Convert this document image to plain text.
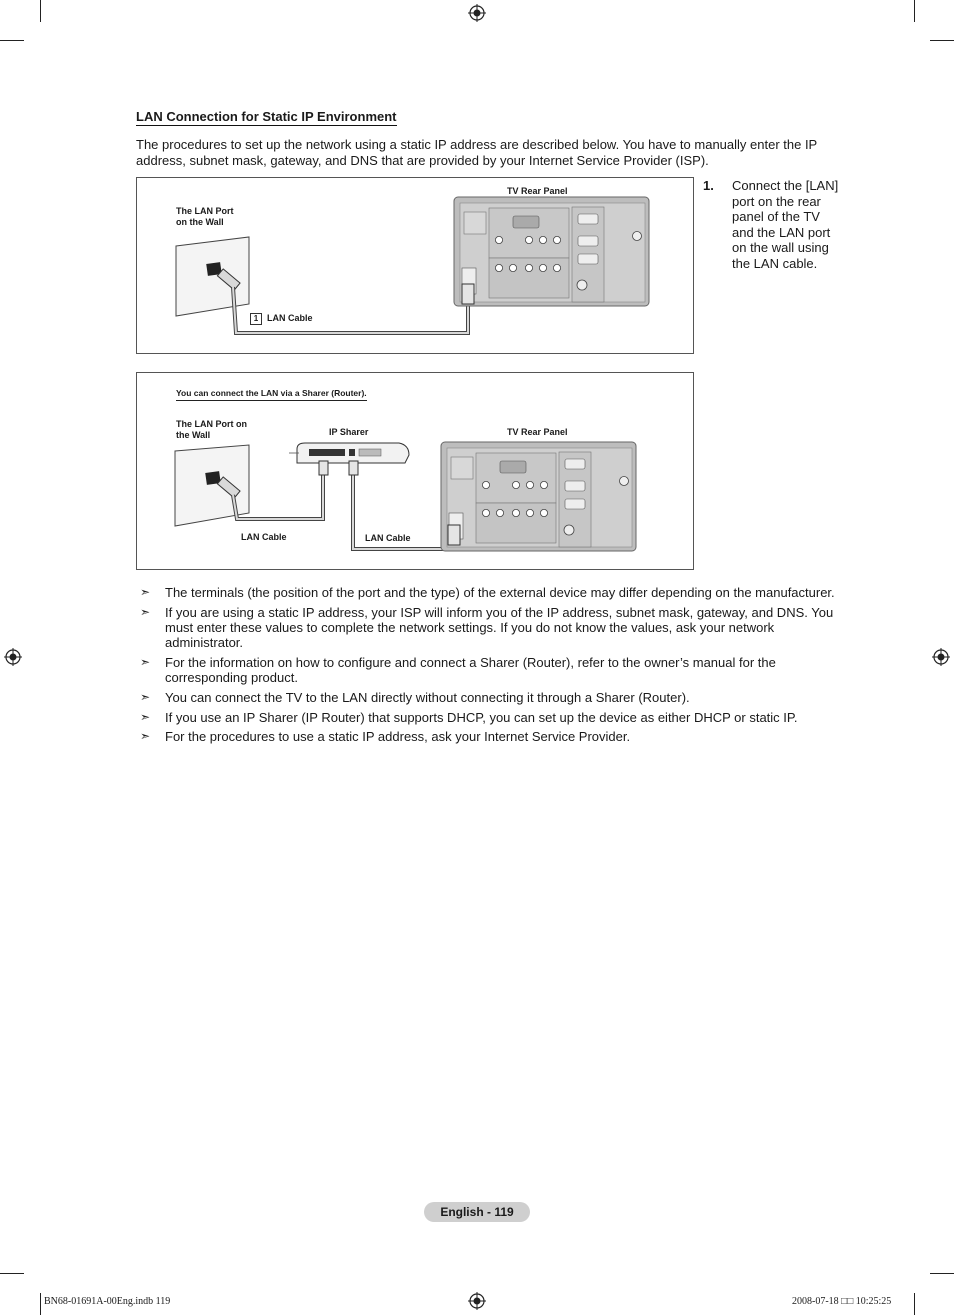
LAN Connection for Static IP Environment
The procedures to set up the network using a static IP address are described below. You have to manually enter the IP address, subnet mask, gateway, and DNS that are provided by your Internet Service Provider (ISP).
TV Rear Panel
The LAN Port
on the Wall
1 LAN Cable
1. Connect the [LAN] port on the rear panel of the TV and the LAN port on the wall using the LAN cable.
You can connect the LAN via a Sharer (Router).
The LAN Port on
the Wall	IP Sharer	TV Rear Panel
LAN Cable	LAN Cable
➣ The terminals (the position of the port and the type) of the external device may differ depending on the manufacturer.
➣ If you are using a static IP address, your ISP will inform you of the IP address, subnet mask, gateway, and DNS. You must enter these values to complete the network settings. If you do not know the values, ask your network administrator.
➣ For the information on how to configure and connect a Sharer (Router), refer to the owner’s manual for the corresponding product.
➣ You can connect the TV to the LAN directly without connecting it through a Sharer (Router).
➣ If you use an IP Sharer (IP Router) that supports DHCP, you can set up the device as either DHCP or static IP.
➣ For the procedures to use a static IP address, ask your Internet Service Provider.
English - 119
BN68-01691A-00Eng.indb 119	2008-07-18 □□ 10:25:25
